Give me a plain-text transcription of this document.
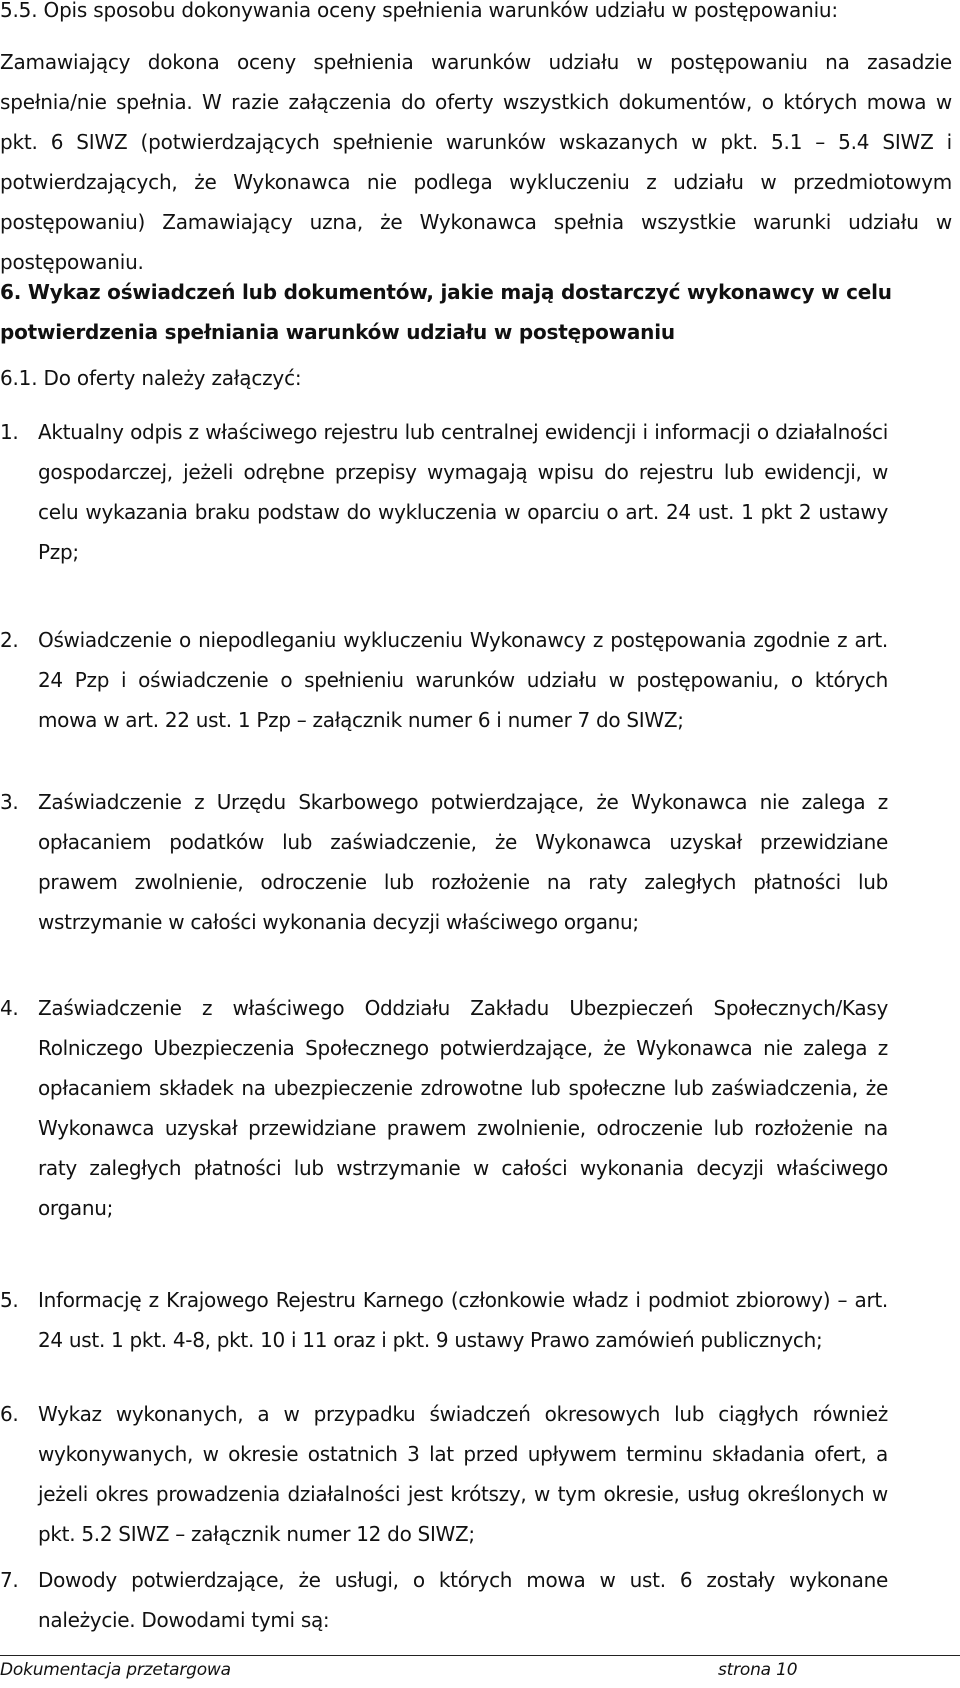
5.5. Opis sposobu dokonywania oceny spełnienia warunków udziału w postępowaniu:
Zamawiający dokona oceny spełnienia warunków udziału w postępowaniu na zasadzie spełnia/nie spełnia. W razie załączenia do oferty wszystkich dokumentów, o których mowa w pkt. 6 SIWZ (potwierdzających spełnienie warunków wskazanych w pkt. 5.1 – 5.4 SIWZ i potwierdzających, że Wykonawca nie podlega wykluczeniu z udziału w przedmiotowym postępowaniu) Zamawiający uzna, że Wykonawca spełnia wszystkie warunki udziału w postępowaniu.
6. Wykaz oświadczeń lub dokumentów, jakie mają dostarczyć wykonawcy w celu potwierdzenia spełniania warunków udziału w postępowaniu
6.1. Do oferty należy załączyć:
1. Aktualny odpis z właściwego rejestru lub centralnej ewidencji i informacji o działalności gospodarczej, jeżeli odrębne przepisy wymagają wpisu do rejestru lub ewidencji, w celu wykazania braku podstaw do wykluczenia w oparciu o art. 24 ust. 1 pkt 2 ustawy Pzp;
2. Oświadczenie o niepodleganiu wykluczeniu Wykonawcy z postępowania zgodnie z art. 24 Pzp i oświadczenie o spełnieniu warunków udziału w postępowaniu, o których mowa w art. 22 ust. 1 Pzp – załącznik numer 6 i numer 7 do SIWZ;
3. Zaświadczenie z Urzędu Skarbowego potwierdzające, że Wykonawca nie zalega z opłacaniem podatków lub zaświadczenie, że Wykonawca uzyskał przewidziane prawem zwolnienie, odroczenie lub rozłożenie na raty zaległych płatności lub wstrzymanie w całości wykonania decyzji właściwego organu;
4. Zaświadczenie z właściwego Oddziału Zakładu Ubezpieczeń Społecznych/Kasy Rolniczego Ubezpieczenia Społecznego potwierdzające, że Wykonawca nie zalega z opłacaniem składek na ubezpieczenie zdrowotne lub społeczne lub zaświadczenia, że Wykonawca uzyskał przewidziane prawem zwolnienie, odroczenie lub rozłożenie na raty zaległych płatności lub wstrzymanie w całości wykonania decyzji właściwego organu;
5. Informację z Krajowego Rejestru Karnego (członkowie władz i podmiot zbiorowy) – art. 24 ust. 1 pkt. 4-8, pkt. 10 i 11 oraz i pkt. 9 ustawy Prawo zamówień publicznych;
6. Wykaz wykonanych, a w przypadku świadczeń okresowych lub ciągłych również wykonywanych, w okresie ostatnich 3 lat przed upływem terminu składania ofert, a jeżeli okres prowadzenia działalności jest krótszy, w tym okresie, usług określonych w pkt. 5.2 SIWZ – załącznik numer 12 do SIWZ;
7. Dowody potwierdzające, że usługi, o których mowa w ust. 6 zostały wykonane należycie. Dowodami tymi są:
Dokumentacja przetargowa	strona 10
